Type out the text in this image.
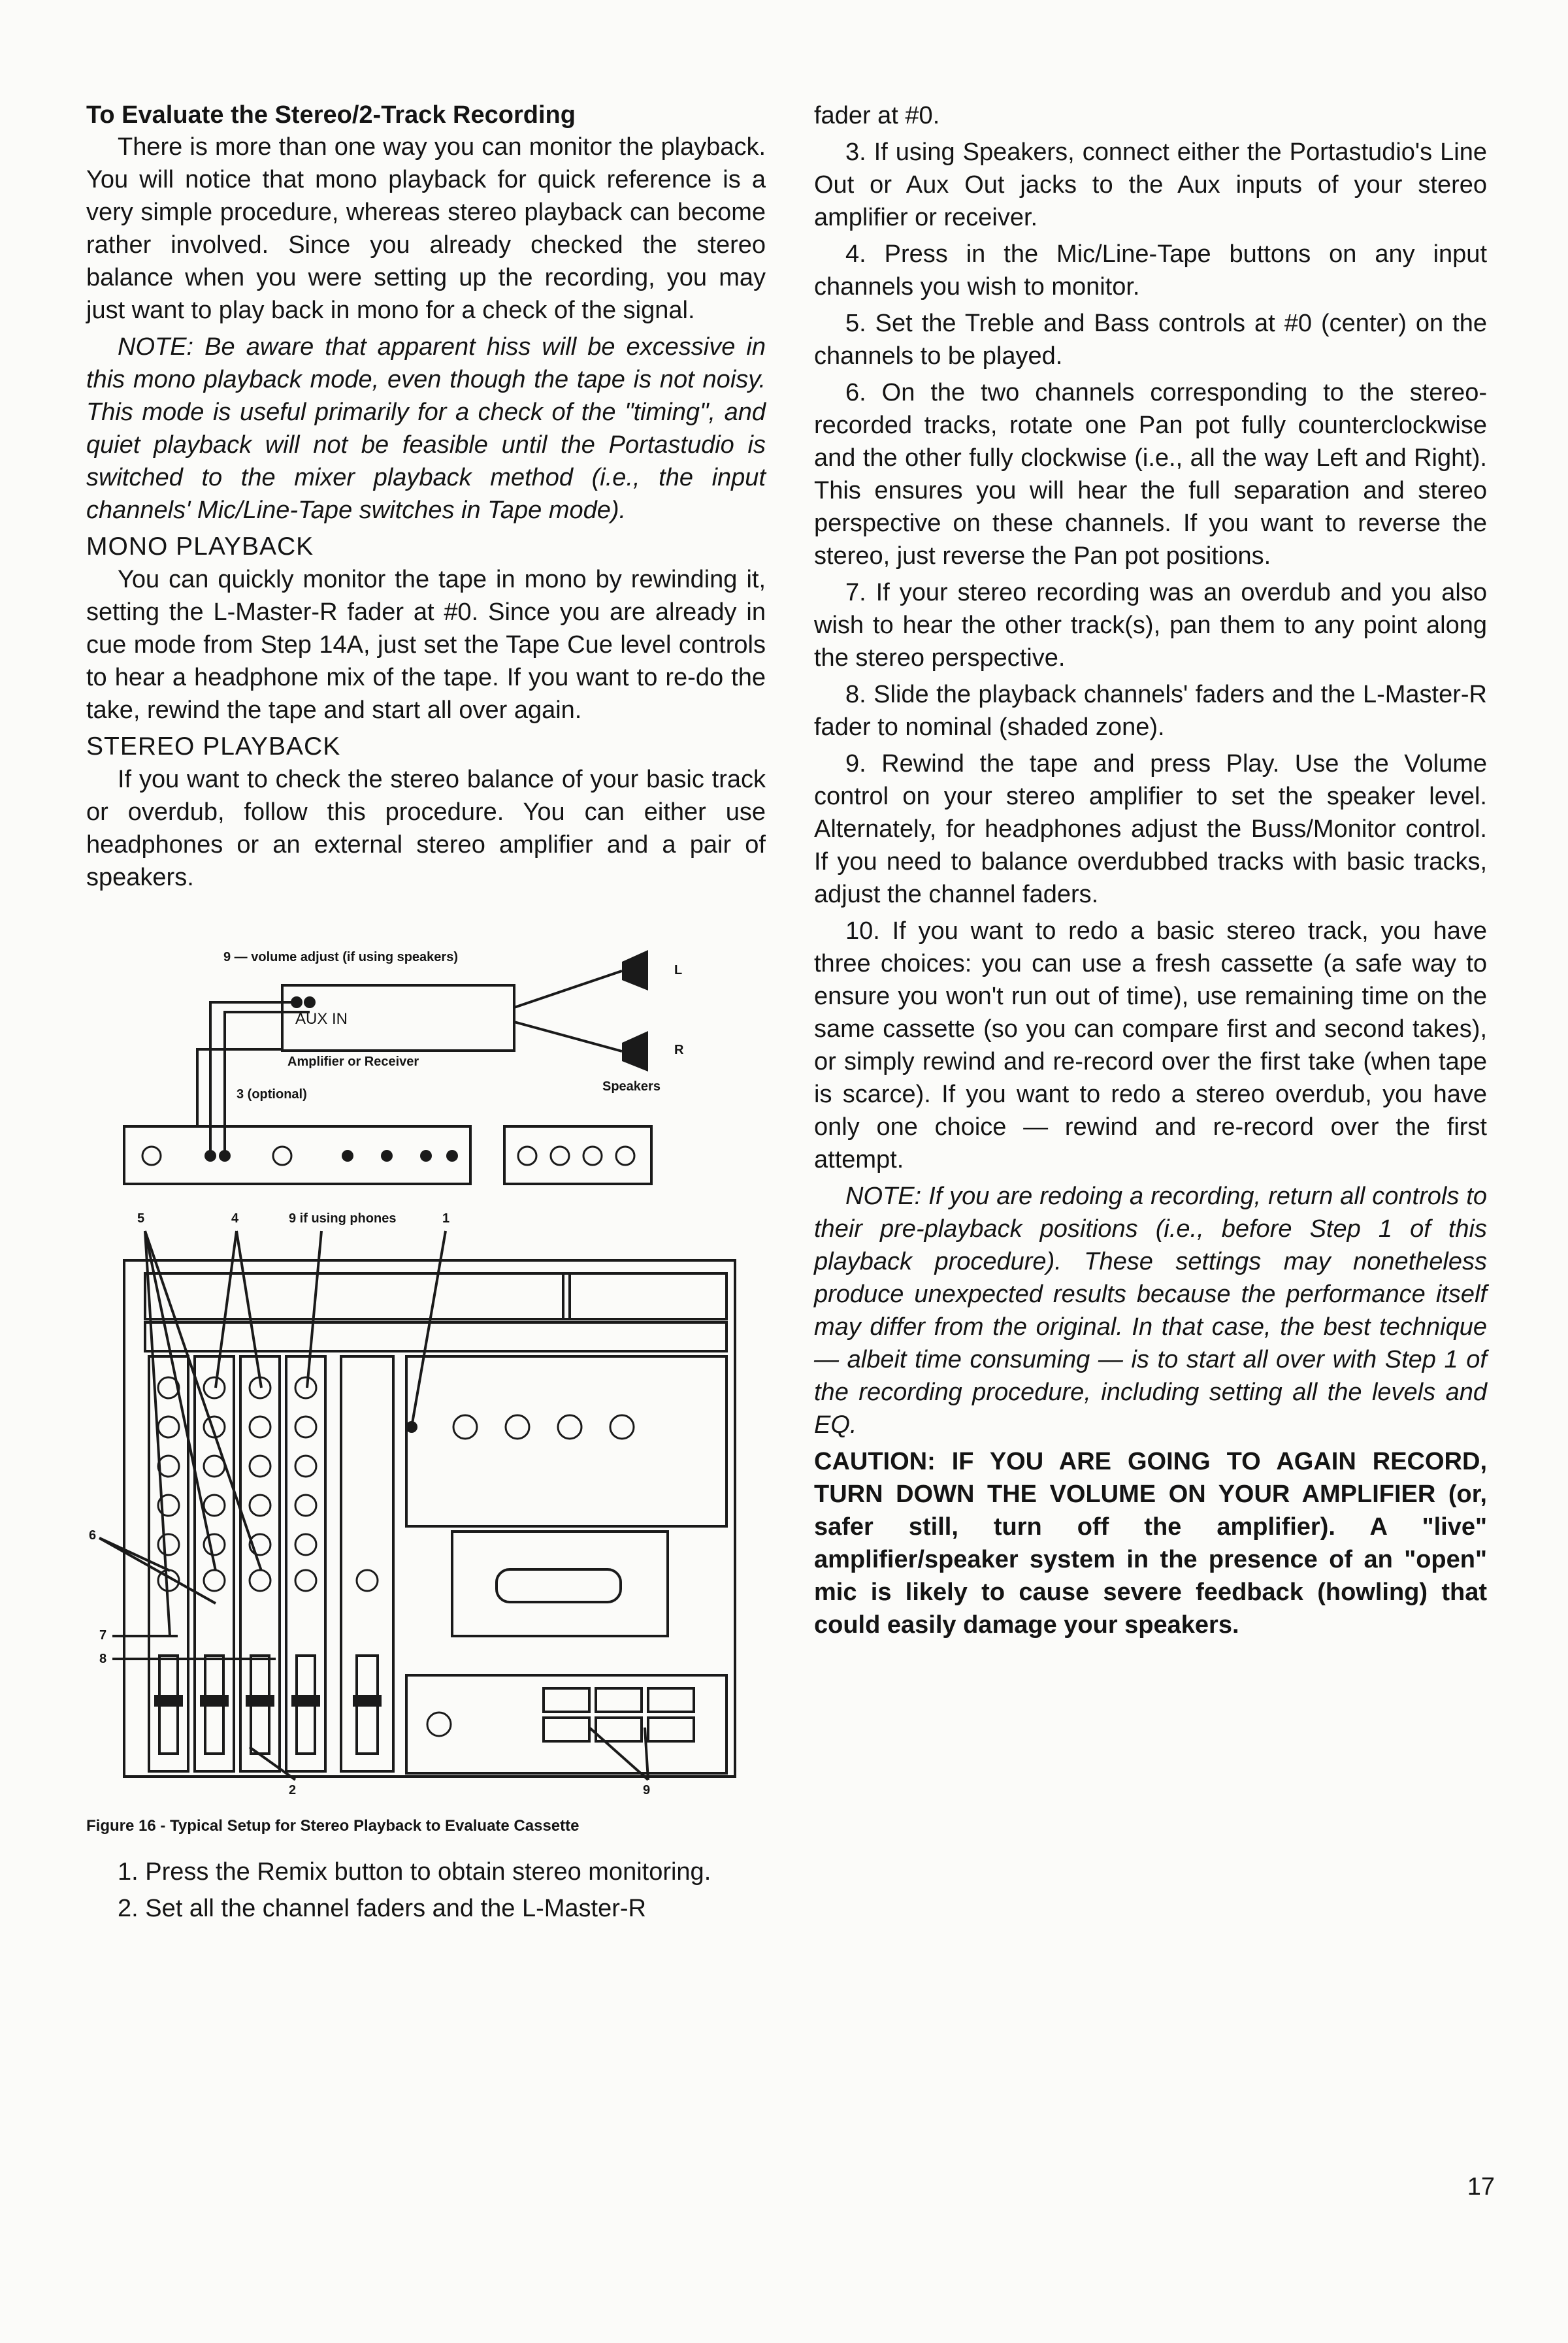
To Evaluate the Stereo/2-Track Recording

There is more than one way you can monitor the playback. You will notice that mono playback for quick reference is a very simple procedure, whereas stereo playback can become rather involved. Since you already checked the stereo balance when you were setting up the recording, you may just want to play back in mono for a check of the signal.

NOTE: Be aware that apparent hiss will be excessive in this mono playback mode, even though the tape is not noisy. This mode is useful primarily for a check of the "timing", and quiet playback will not be feasible until the Portastudio is switched to the mixer playback method (i.e., the input channels' Mic/Line-Tape switches in Tape mode).

MONO PLAYBACK

You can quickly monitor the tape in mono by rewinding it, setting the L-Master-R fader at #0. Since you are already in cue mode from Step 14A, just set the Tape Cue level controls to hear a headphone mix of the tape. If you want to re-do the take, rewind the tape and start all over again.

STEREO PLAYBACK

If you want to check the stereo balance of your basic track or overdub, follow this procedure. You can either use headphones or an external stereo amplifier and a pair of speakers.

9 — volume adjust (if using speakers)
AUX IN
Amplifier or Receiver
3 (optional)
L
R
Speakers
5	4	9 if using phones	1
6
7
8
2	9
Figure 16 - Typical Setup for Stereo Playback to Evaluate Cassette

1. Press the Remix button to obtain stereo monitoring.

2. Set all the channel faders and the L-Master-R

fader at #0.

3. If using Speakers, connect either the Portastudio's Line Out or Aux Out jacks to the Aux inputs of your stereo amplifier or receiver.

4. Press in the Mic/Line-Tape buttons on any input channels you wish to monitor.

5. Set the Treble and Bass controls at #0 (center) on the channels to be played.

6. On the two channels corresponding to the stereo-recorded tracks, rotate one Pan pot fully counterclockwise and the other fully clockwise (i.e., all the way Left and Right). This ensures you will hear the full separation and stereo perspective on these channels. If you want to reverse the stereo, just reverse the Pan pot positions.

7. If your stereo recording was an overdub and you also wish to hear the other track(s), pan them to any point along the stereo perspective.

8. Slide the playback channels' faders and the L-Master-R fader to nominal (shaded zone).

9. Rewind the tape and press Play. Use the Volume control on your stereo amplifier to set the speaker level. Alternately, for headphones adjust the Buss/Monitor control. If you need to balance overdubbed tracks with basic tracks, adjust the channel faders.

10. If you want to redo a basic stereo track, you have three choices: you can use a fresh cassette (a safe way to ensure you won't run out of time), use remaining time on the same cassette (so you can compare first and second takes), or simply rewind and re-record over the first take (when tape is scarce). If you want to redo a stereo overdub, you have only one choice — rewind and re-record over the first attempt.

NOTE: If you are redoing a recording, return all controls to their pre-playback positions (i.e., before Step 1 of this playback procedure). These settings may nonetheless produce unexpected results because the performance itself may differ from the original. In that case, the best technique — albeit time consuming — is to start all over with Step 1 of the recording procedure, including setting all the levels and EQ.

CAUTION: IF YOU ARE GOING TO AGAIN RECORD, TURN DOWN THE VOLUME ON YOUR AMPLIFIER (or, safer still, turn off the amplifier). A "live" amplifier/speaker system in the presence of an "open" mic is likely to cause severe feedback (howling) that could easily damage your speakers.

17
